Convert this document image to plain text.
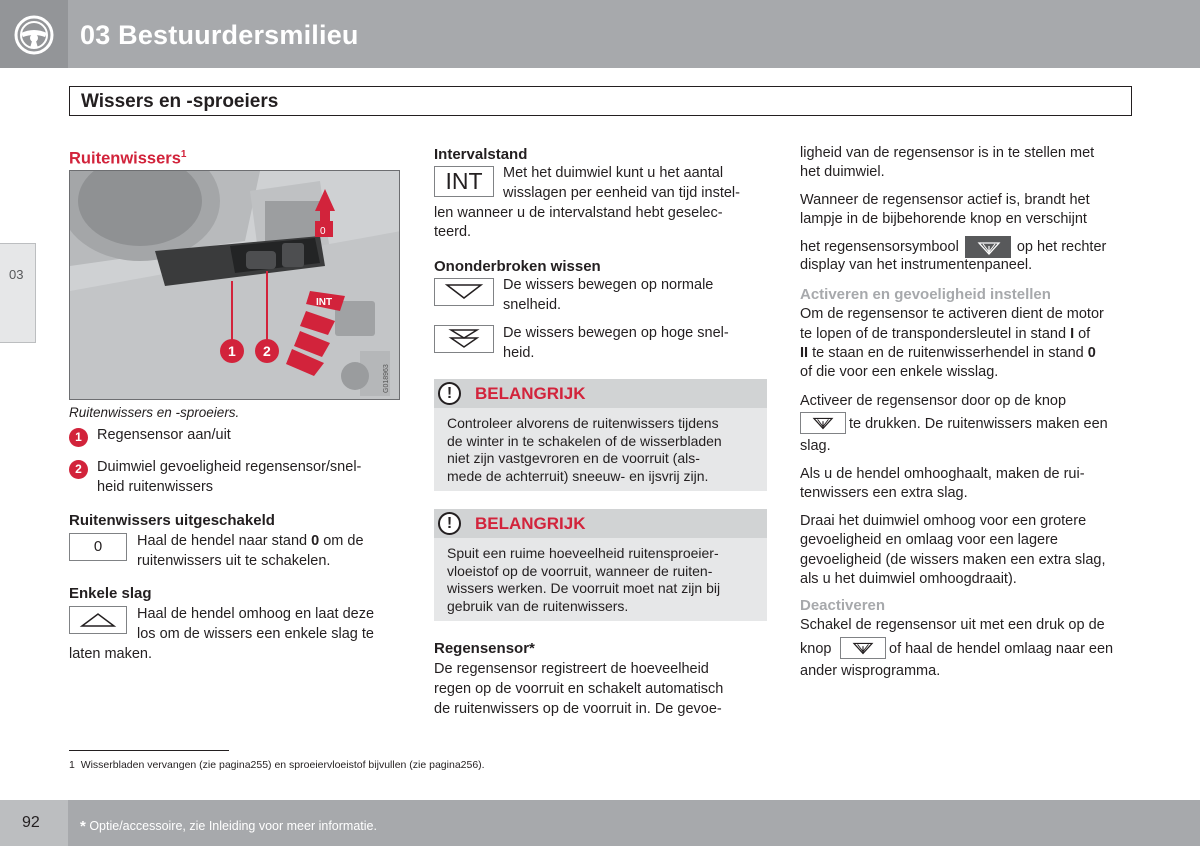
03 Bestuurdersmilieu
03
Wissers en -sproeiers
Ruitenwissers$^1$
0
INT
1 2
G018963
Ruitenwissers en -sproeiers.
1	Regensensor aan/uit
2	Duimwiel gevoeligheid regensensor/snel-
heid ruitenwissers
Ruitenwissers uitgeschakeld
0	Haal de hendel naar stand 0 om de
ruitenwissers uit te schakelen.
Enkele slag
Haal de hendel omhoog en laat deze
los om de wissers een enkele slag te
laten maken.
Intervalstand
INT	Met het duimwiel kunt u het aantal
wisslagen per eenheid van tijd instel-
len wanneer u de intervalstand hebt geselec-
teerd.
Ononderbroken wissen
De wissers bewegen op normale
snelheid.
De wissers bewegen op hoge snel-
heid.
!	BELANGRIJK
Controleer alvorens de ruitenwissers tijdens
de winter in te schakelen of de wisserbladen
niet zijn vastgevroren en de voorruit (als-
mede de achterruit) sneeuw- en ijsvrij zijn.
!	BELANGRIJK
Spuit een ruime hoeveelheid ruitensproeier-
vloeistof op de voorruit, wanneer de ruiten-
wissers werken. De voorruit moet nat zijn bij
gebruik van de ruitenwissers.
Regensensor*
De regensensor registreert de hoeveelheid
regen op de voorruit en schakelt automatisch
de ruitenwissers op de voorruit in. De gevoe-
ligheid van de regensensor is in te stellen met
het duimwiel.
Wanneer de regensensor actief is, brandt het
lampje in de bijbehorende knop en verschijnt
het regensensorsymbool	op het rechter
display van het instrumentenpaneel.
Activeren en gevoeligheid instellen
Om de regensensor te activeren dient de motor
te lopen of de transpondersleutel in stand I of
II te staan en de ruitenwisserhendel in stand 0
of die voor een enkele wisslag.
Activeer de regensensor door op de knop
te drukken. De ruitenwissers maken een
slag.
Als u de hendel omhooghaalt, maken de rui-
tenwissers een extra slag.
Draai het duimwiel omhoog voor een grotere
gevoeligheid en omlaag voor een lagere
gevoeligheid (de wissers maken een extra slag,
als u het duimwiel omhoogdraait).
Deactiveren
Schakel de regensensor uit met een druk op de
knop	of haal de hendel omlaag naar een
ander wisprogramma.
1 Wisserbladen vervangen (zie pagina255) en sproeiervloeistof bijvullen (zie pagina256).
92	* Optie/accessoire, zie Inleiding voor meer informatie.
